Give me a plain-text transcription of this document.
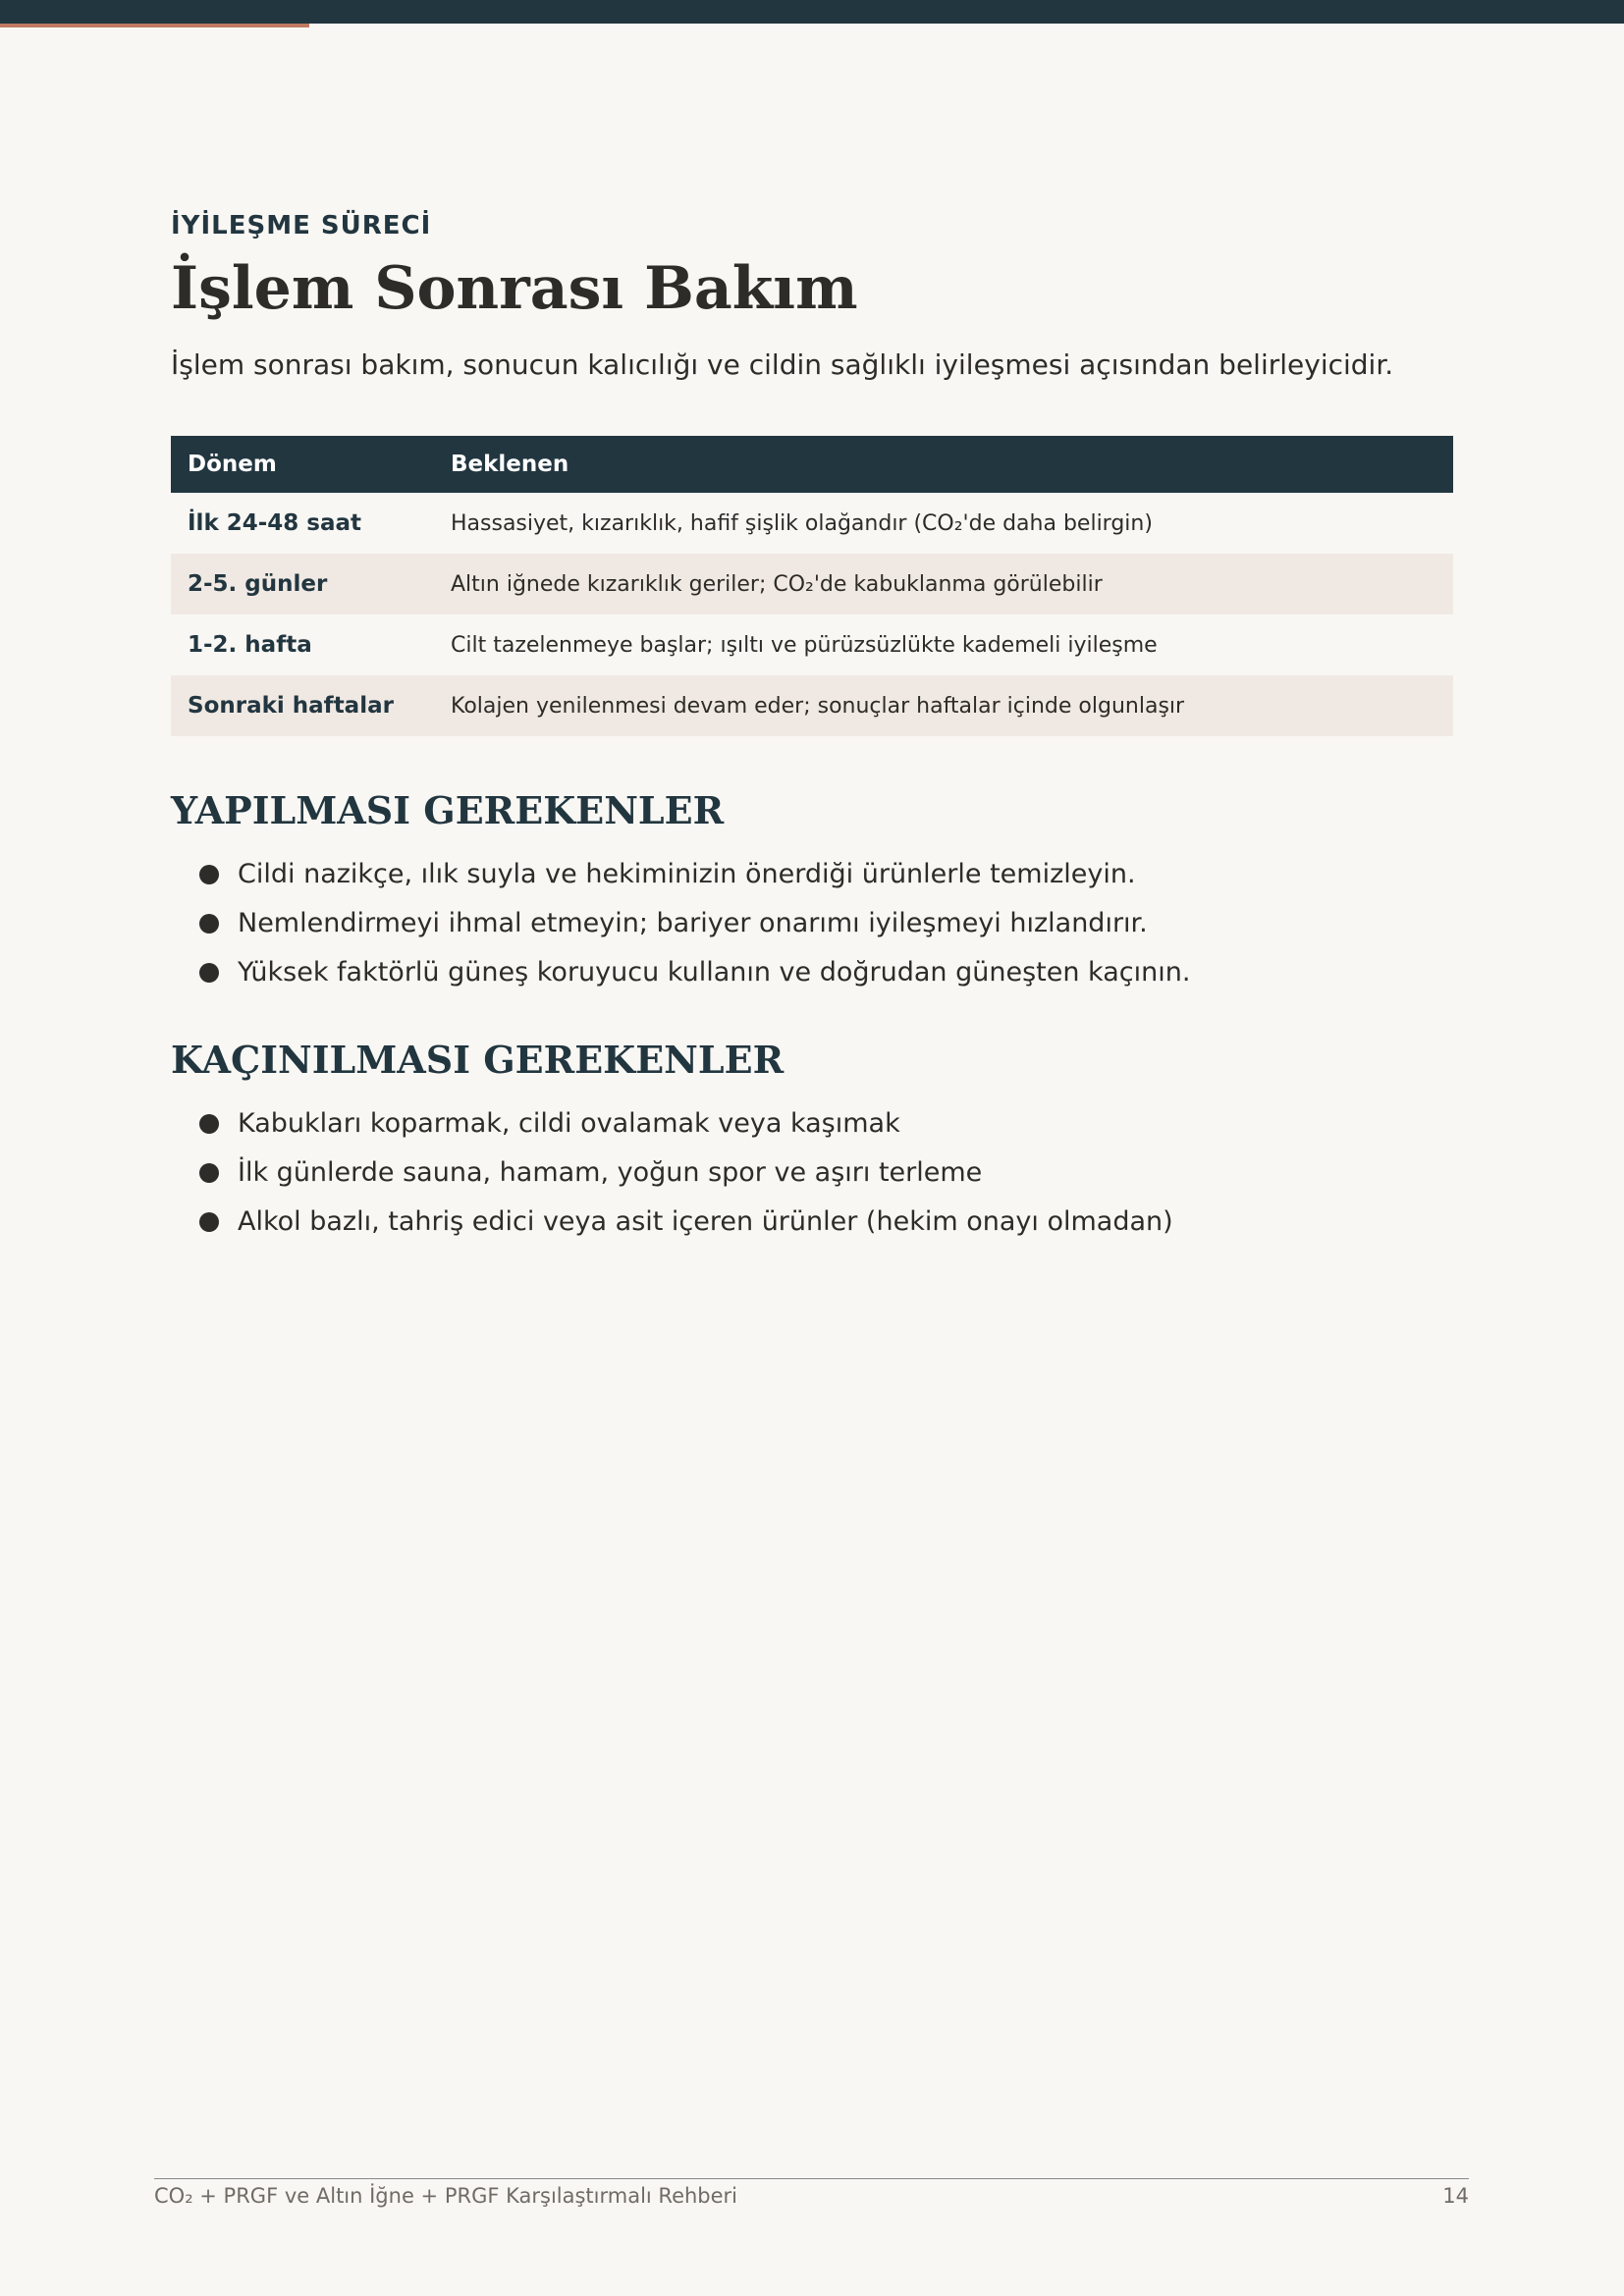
İYİLEŞME SÜRECİ

İşlem Sonrası Bakım

İşlem sonrası bakım, sonucun kalıcılığı ve cildin sağlıklı iyileşmesi açısından belirleyicidir.

Dönem	Beklenen
İlk 24-48 saat	Hassasiyet, kızarıklık, hafif şişlik olağandır (CO₂'de daha belirgin)
2-5. günler	Altın iğnede kızarıklık geriler; CO₂'de kabuklanma görülebilir
1-2. hafta	Cilt tazelenmeye başlar; ışıltı ve pürüzsüzlükte kademeli iyileşme
Sonraki haftalar	Kolajen yenilenmesi devam eder; sonuçlar haftalar içinde olgunlaşır
YAPILMASI GEREKENLER
Cildi nazikçe, ılık suyla ve hekiminizin önerdiği ürünlerle temizleyin.
Nemlendirmeyi ihmal etmeyin; bariyer onarımı iyileşmeyi hızlandırır.
Yüksek faktörlü güneş koruyucu kullanın ve doğrudan güneşten kaçının.
KAÇINILMASI GEREKENLER
Kabukları koparmak, cildi ovalamak veya kaşımak
İlk günlerde sauna, hamam, yoğun spor ve aşırı terleme
Alkol bazlı, tahriş edici veya asit içeren ürünler (hekim onayı olmadan)
CO₂ + PRGF ve Altın İğne + PRGF Karşılaştırmalı Rehberi	14
